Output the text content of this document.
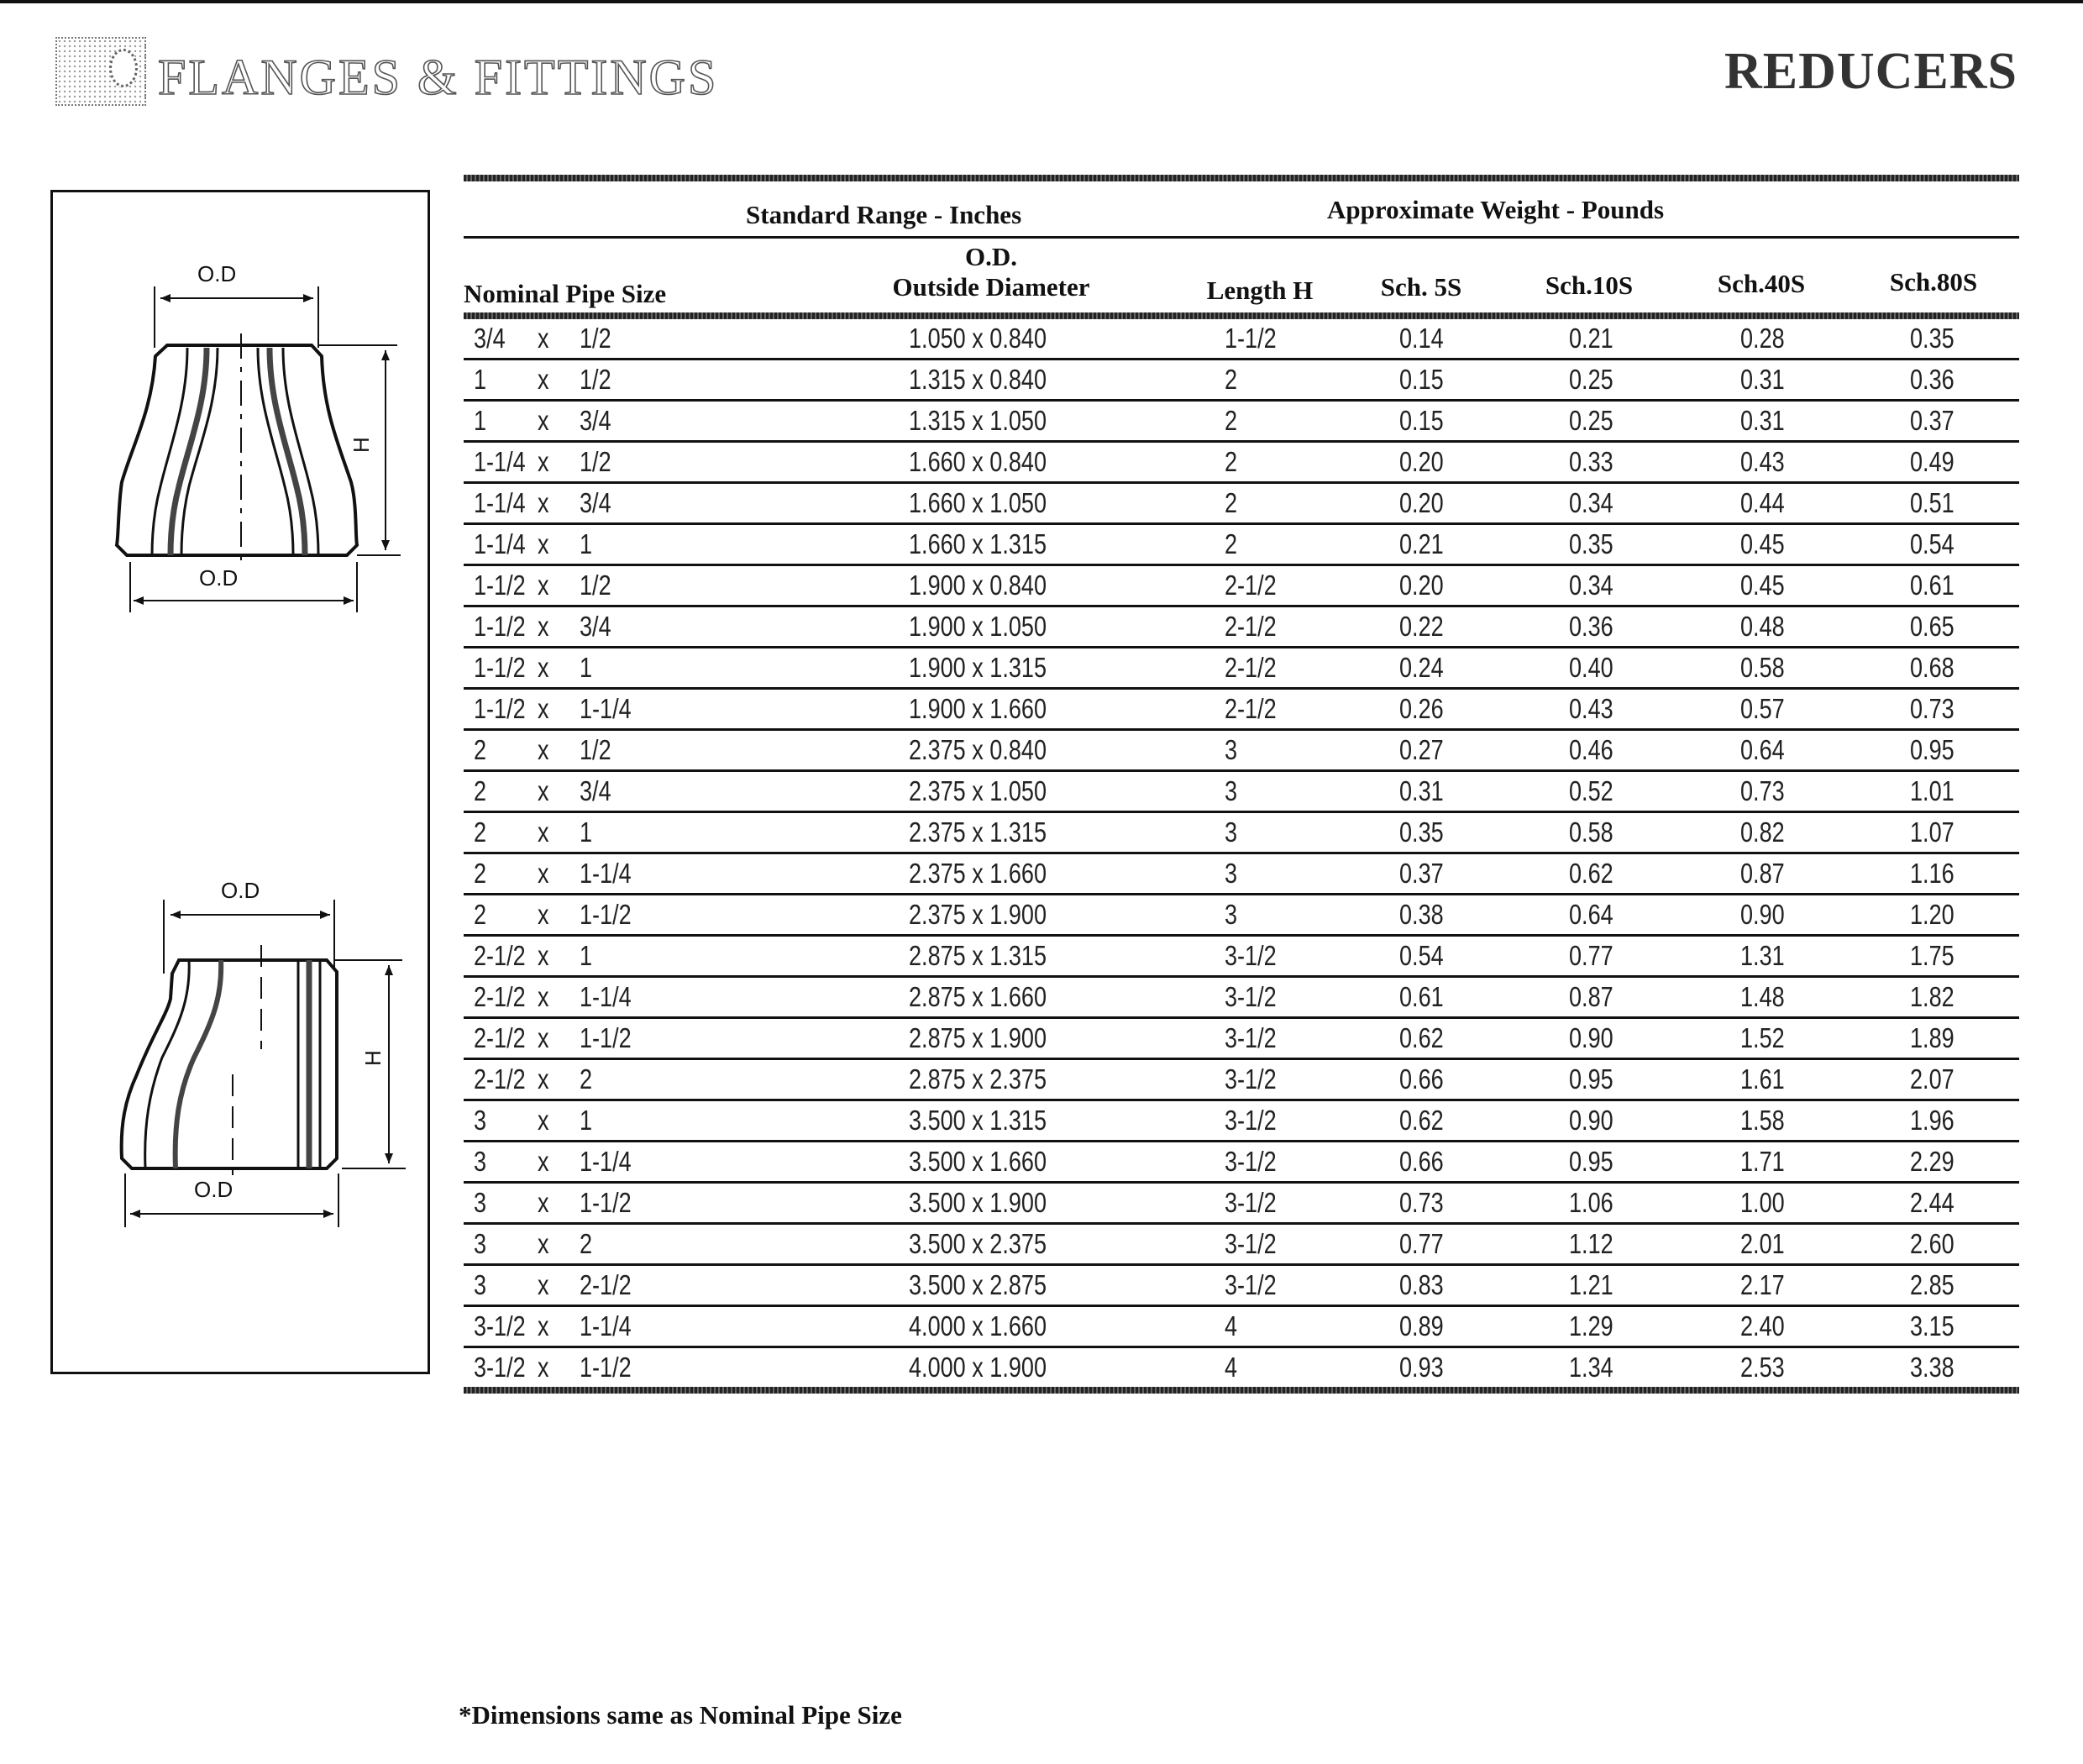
FLANGES & FITTINGS	REDUCERS
O.D
O.D
H
O.D
O.D
H
Standard Range - Inches	Approximate Weight - Pounds
Nominal Pipe Size
O.D.
Outside Diameter	Length H	Sch. 5S	Sch.10S	Sch.40S	Sch.80S
3/4 x 1/2	1.050 x 0.840	1-1/2	0.14	0.21	0.28	0.35
1 x 1/2	1.315 x 0.840	2	0.15	0.25	0.31	0.36
1 x 3/4	1.315 x 1.050	2	0.15	0.25	0.31	0.37
1-1/4 x 1/2	1.660 x 0.840	2	0.20	0.33	0.43	0.49
1-1/4 x 3/4	1.660 x 1.050	2	0.20	0.34	0.44	0.51
1-1/4 x 1	1.660 x 1.315	2	0.21	0.35	0.45	0.54
1-1/2 x 1/2	1.900 x 0.840	2-1/2	0.20	0.34	0.45	0.61
1-1/2 x 3/4	1.900 x 1.050	2-1/2	0.22	0.36	0.48	0.65
1-1/2 x 1	1.900 x 1.315	2-1/2	0.24	0.40	0.58	0.68
1-1/2 x 1-1/4	1.900 x 1.660	2-1/2	0.26	0.43	0.57	0.73
2 x 1/2	2.375 x 0.840	3	0.27	0.46	0.64	0.95
2 x 3/4	2.375 x 1.050	3	0.31	0.52	0.73	1.01
2 x 1	2.375 x 1.315	3	0.35	0.58	0.82	1.07
2 x 1-1/4	2.375 x 1.660	3	0.37	0.62	0.87	1.16
2 x 1-1/2	2.375 x 1.900	3	0.38	0.64	0.90	1.20
2-1/2 x 1	2.875 x 1.315	3-1/2	0.54	0.77	1.31	1.75
2-1/2 x 1-1/4	2.875 x 1.660	3-1/2	0.61	0.87	1.48	1.82
2-1/2 x 1-1/2	2.875 x 1.900	3-1/2	0.62	0.90	1.52	1.89
2-1/2 x 2	2.875 x 2.375	3-1/2	0.66	0.95	1.61	2.07
3 x 1	3.500 x 1.315	3-1/2	0.62	0.90	1.58	1.96
3 x 1-1/4	3.500 x 1.660	3-1/2	0.66	0.95	1.71	2.29
3 x 1-1/2	3.500 x 1.900	3-1/2	0.73	1.06	1.00	2.44
3 x 2	3.500 x 2.375	3-1/2	0.77	1.12	2.01	2.60
3 x 2-1/2	3.500 x 2.875	3-1/2	0.83	1.21	2.17	2.85
3-1/2 x 1-1/4	4.000 x 1.660	4	0.89	1.29	2.40	3.15
3-1/2 x 1-1/2	4.000 x 1.900	4	0.93	1.34	2.53	3.38
*Dimensions same as Nominal Pipe Size
